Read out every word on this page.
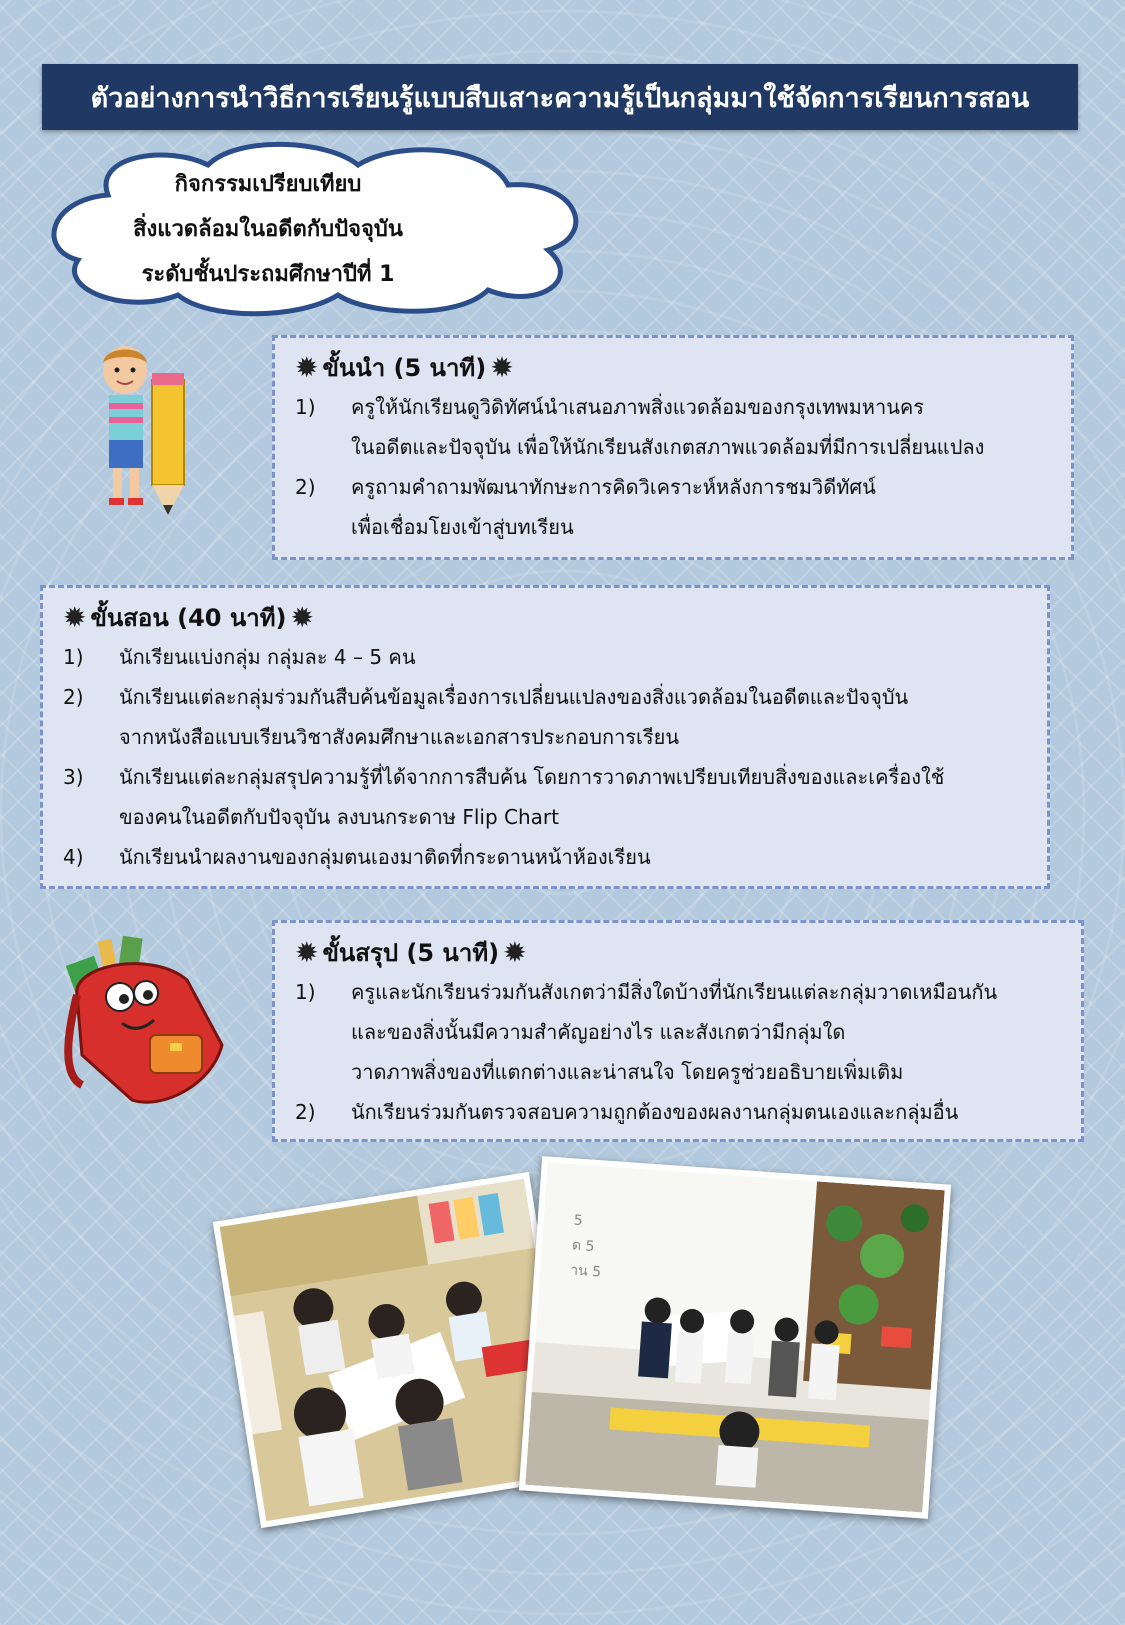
ตัวอย่างการนำวิธีการเรียนรู้แบบสืบเสาะความรู้เป็นกลุ่มมาใช้จัดการเรียนการสอน
กิจกรรมเปรียบเทียบ
สิ่งแวดล้อมในอดีตกับปัจจุบัน
ระดับชั้นประถมศึกษาปีที่ 1
✹ ขั้นนำ (5 นาที) ✹
1)	ครูให้นักเรียนดูวิดิทัศน์นำเสนอภาพสิ่งแวดล้อมของกรุงเทพมหานคร
ในอดีตและปัจจุบัน เพื่อให้นักเรียนสังเกตสภาพแวดล้อมที่มีการเปลี่ยนแปลง
2)	ครูถามคำถามพัฒนาทักษะการคิดวิเคราะห์หลังการชมวิดีทัศน์
เพื่อเชื่อมโยงเข้าสู่บทเรียน
✹ ขั้นสอน (40 นาที) ✹
1)	นักเรียนแบ่งกลุ่ม กลุ่มละ 4 – 5 คน
2)	นักเรียนแต่ละกลุ่มร่วมกันสืบค้นข้อมูลเรื่องการเปลี่ยนแปลงของสิ่งแวดล้อมในอดีตและปัจจุบัน
จากหนังสือแบบเรียนวิชาสังคมศึกษาและเอกสารประกอบการเรียน
3)	นักเรียนแต่ละกลุ่มสรุปความรู้ที่ได้จากการสืบค้น โดยการวาดภาพเปรียบเทียบสิ่งของและเครื่องใช้
ของคนในอดีตกับปัจจุบัน ลงบนกระดาษ Flip Chart
4)	นักเรียนนำผลงานของกลุ่มตนเองมาติดที่กระดานหน้าห้องเรียน
✹ ขั้นสรุป (5 นาที) ✹
1)	ครูและนักเรียนร่วมกันสังเกตว่ามีสิ่งใดบ้างที่นักเรียนแต่ละกลุ่มวาดเหมือนกัน
และของสิ่งนั้นมีความสำคัญอย่างไร และสังเกตว่ามีกลุ่มใด
วาดภาพสิ่งของที่แตกต่างและน่าสนใจ โดยครูช่วยอธิบายเพิ่มเติม
2)	นักเรียนร่วมกันตรวจสอบความถูกต้องของผลงานกลุ่มตนเองและกลุ่มอื่น
5
ด 5
าน 5
